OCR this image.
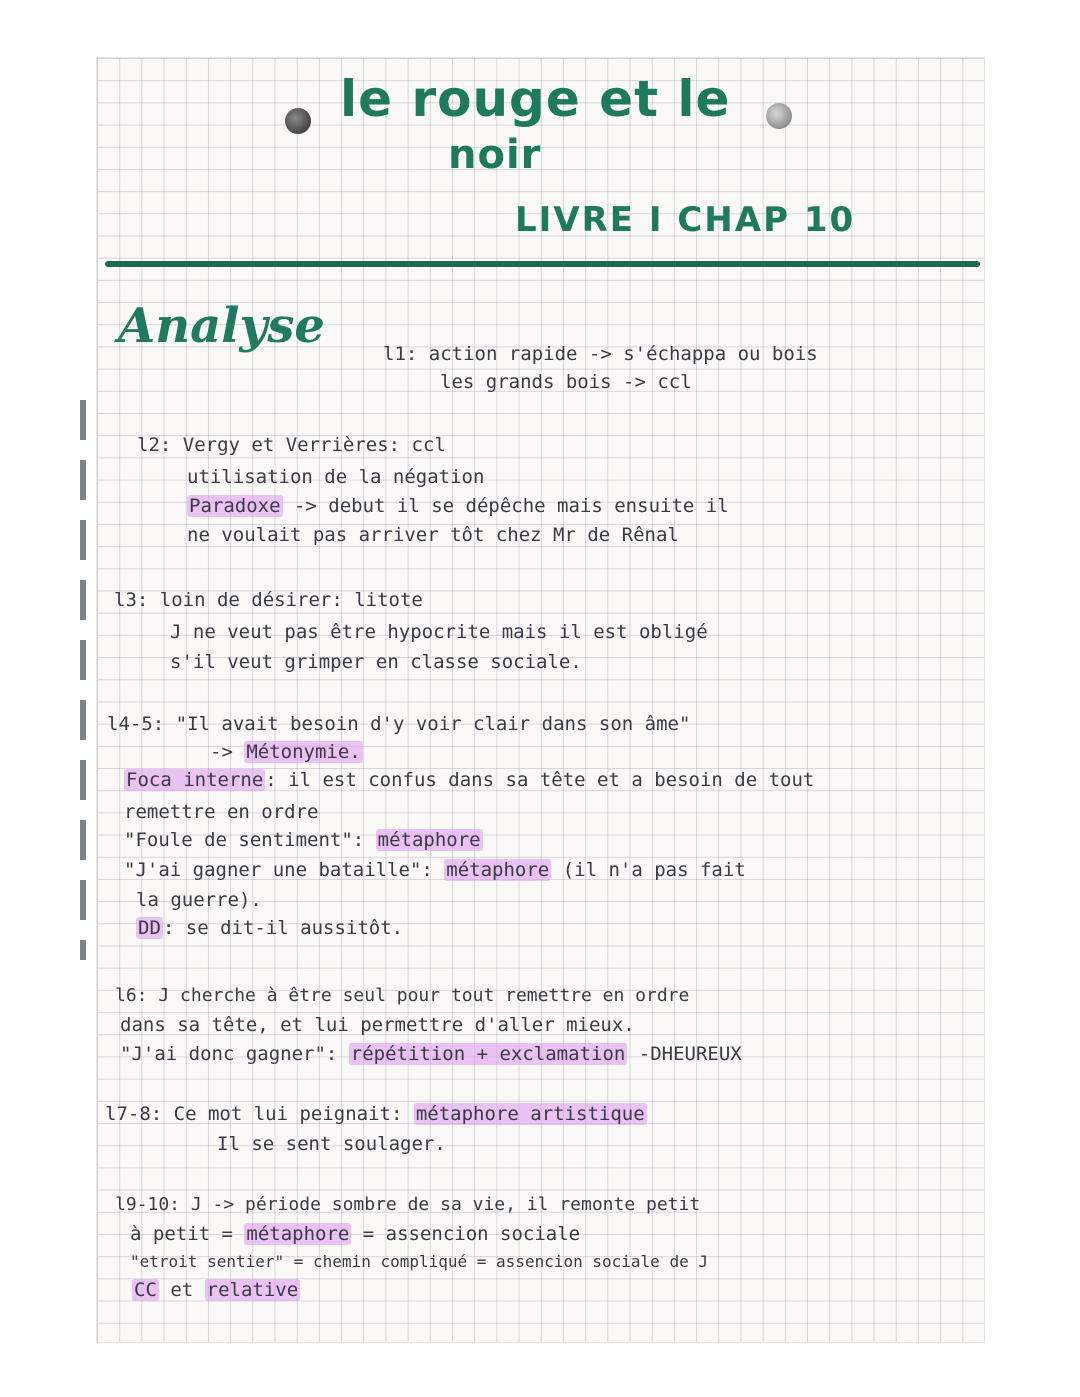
le rouge et le
noir
LIVRE I CHAP 10
Analyse	l1: action rapide -> s'échappa ou bois
les grands bois -> ccl
l2: Vergy et Verrières: ccl
utilisation de la négation
Paradoxe -> debut il se dépêche mais ensuite il
ne voulait pas arriver tôt chez Mr de Rênal
l3: loin de désirer: litote
J ne veut pas être hypocrite mais il est obligé
s'il veut grimper en classe sociale.
l4-5: "Il avait besoin d'y voir clair dans son âme"
-> Métonymie.
Foca interne : il est confus dans sa tête et a besoin de tout
remettre en ordre
"Foule de sentiment": métaphore
"J'ai gagner une bataille": métaphore (il n'a pas fait
la guerre).
DD : se dit-il aussitôt.
l6: J cherche à être seul pour tout remettre en ordre
dans sa tête, et lui permettre d'aller mieux.
"J'ai donc gagner": répétition + exclamation -DHEUREUX
l7-8: Ce mot lui peignait: métaphore artistique
Il se sent soulager.
l9-10: J -> période sombre de sa vie, il remonte petit
à petit = métaphore = assencion sociale
"etroit sentier" = chemin compliqué = assencion sociale de J
CC et relative
